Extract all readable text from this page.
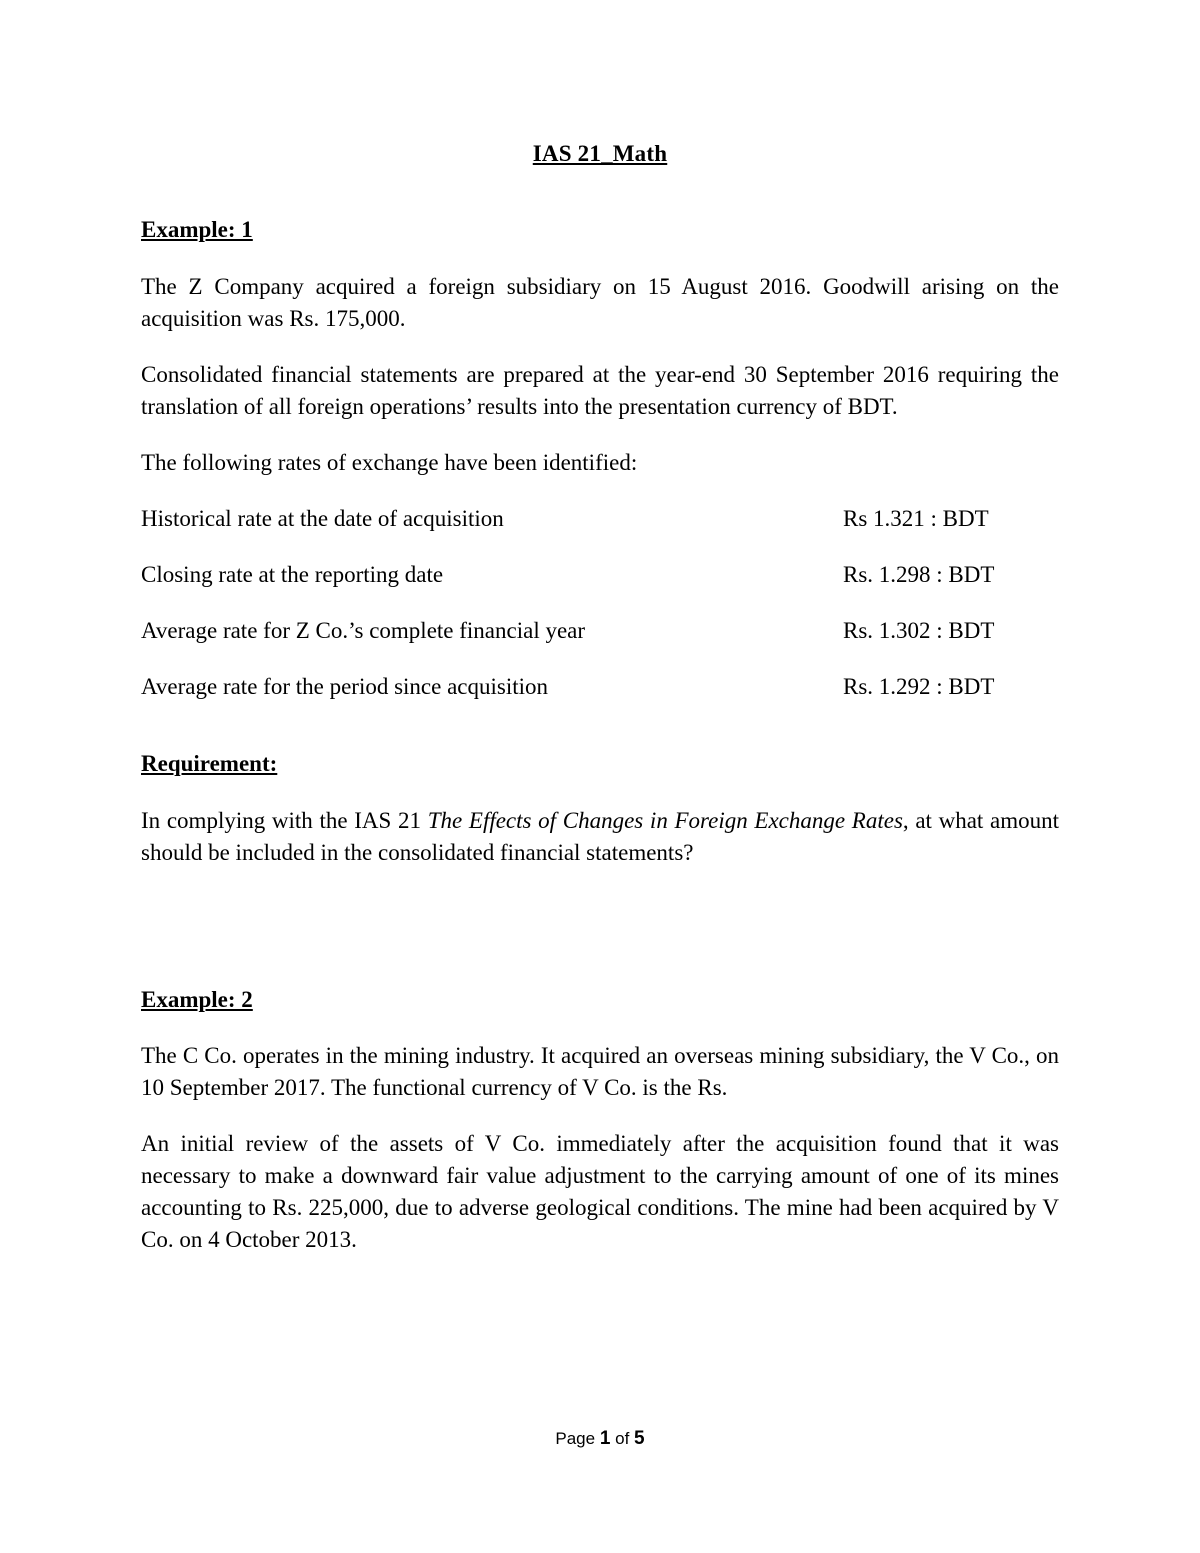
IAS 21_Math
Example: 1

The Z Company acquired a foreign subsidiary on 15 August 2016. Goodwill arising on the acquisition was Rs. 175,000.

Consolidated financial statements are prepared at the year-end 30 September 2016 requiring the translation of all foreign operations’ results into the presentation currency of BDT.

The following rates of exchange have been identified:

Historical rate at the date of acquisition	Rs 1.321 : BDT
Closing rate at the reporting date	Rs. 1.298 : BDT
Average rate for Z Co.’s complete financial year	Rs. 1.302 : BDT
Average rate for the period since acquisition	Rs. 1.292 : BDT
Requirement:

In complying with the IAS 21 The Effects of Changes in Foreign Exchange Rates, at what amount should be included in the consolidated financial statements?

Example: 2

The C Co. operates in the mining industry. It acquired an overseas mining subsidiary, the V Co., on 10 September 2017. The functional currency of V Co. is the Rs.

An initial review of the assets of V Co. immediately after the acquisition found that it was necessary to make a downward fair value adjustment to the carrying amount of one of its mines accounting to Rs. 225,000, due to adverse geological conditions. The mine had been acquired by V Co. on 4 October 2013.

Page 1 of 5
